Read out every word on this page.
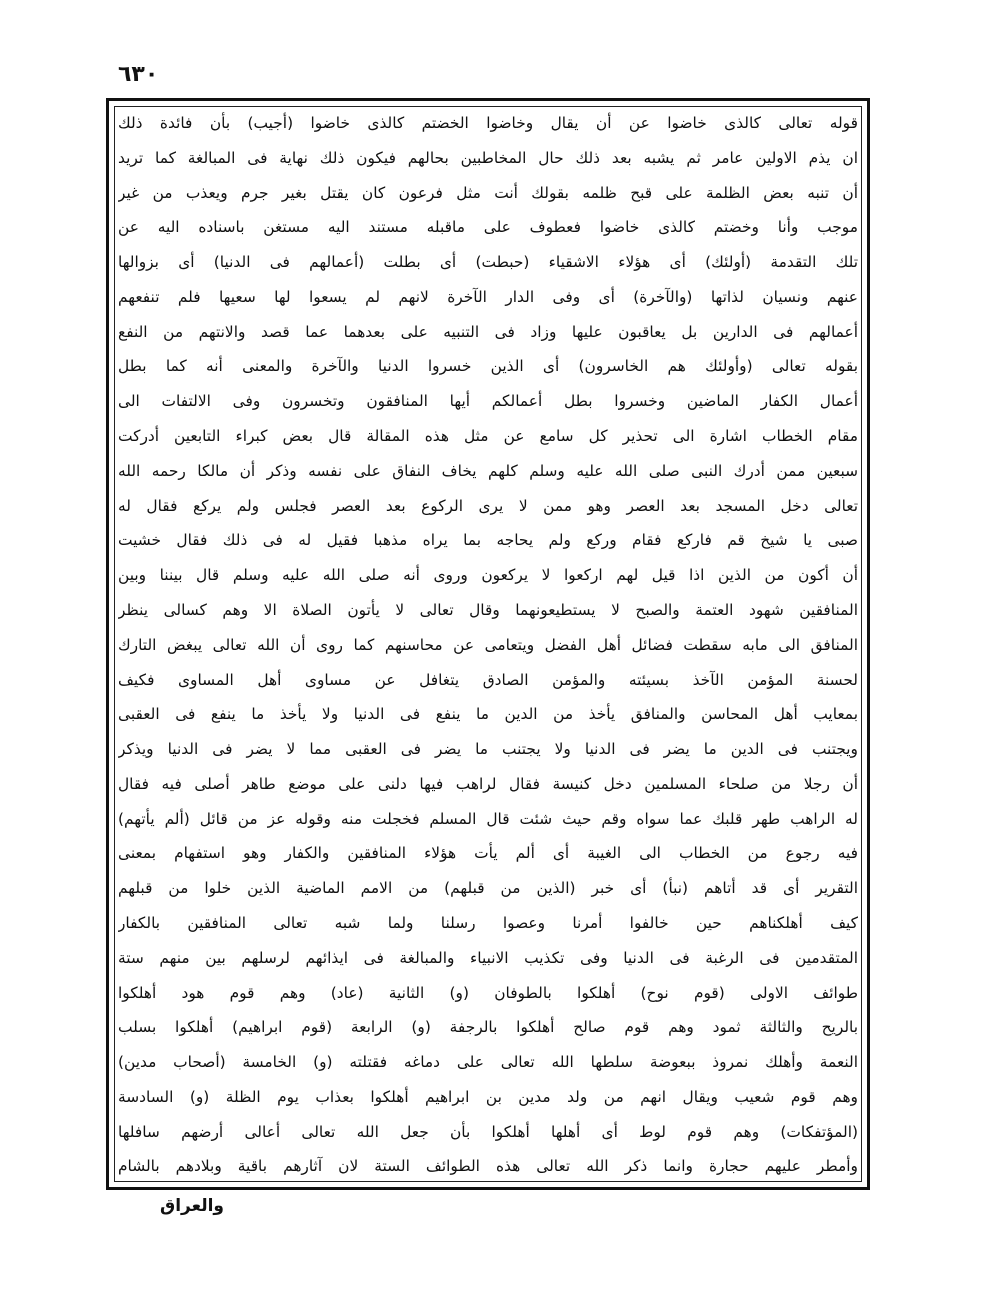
٦٣٠
قوله تعالى كالذى خاضوا عن أن يقال وخاضوا الخضتم كالذى خاضوا (أجيب) بأن فائدة ذلك
ان يذم الاولين عامر ثم يشبه بعد ذلك حال المخاطبين بحالهم فيكون ذلك نهاية فى المبالغة كما تريد
أن تنبه بعض الظلمة على قبح ظلمه بقولك أنت مثل فرعون كان يقتل بغير جرم ويعذب من غير
موجب وأنا وخضتم كالذى خاضوا فعطوف على ماقبله مستند اليه مستغن باسناده اليه عن
تلك التقدمة (أولئك) أى هؤلاء الاشقياء (حبطت) أى بطلت (أعمالهم فى الدنيا) أى بزوالها
عنهم ونسيان لذاتها (والآخرة) أى وفى الدار الآخرة لانهم لم يسعوا لها سعيها فلم تنفعهم
أعمالهم فى الدارين بل يعاقبون عليها وزاد فى التنبيه على بعدهما عما قصد والانتهم من النفع
بقوله تعالى (وأولئك هم الخاسرون) أى الذين خسروا الدنيا والآخرة والمعنى أنه كما بطل
أعمال الكفار الماضين وخسروا بطل أعمالكم أيها المنافقون وتخسرون وفى الالتفات الى
مقام الخطاب اشارة الى تحذير كل سامع عن مثل هذه المقالة قال بعض كبراء التابعين أدركت
سبعين ممن أدرك النبى صلى الله عليه وسلم كلهم يخاف النفاق على نفسه وذكر أن مالكا رحمه الله
تعالى دخل المسجد بعد العصر وهو ممن لا يرى الركوع بعد العصر فجلس ولم يركع فقال له
صبى يا شيخ قم فاركع فقام وركع ولم يحاجه بما يراه مذهبا فقيل له فى ذلك فقال خشيت
أن أكون من الذين اذا قيل لهم اركعوا لا يركعون وروى أنه صلى الله عليه وسلم قال بيننا وبين
المنافقين شهود العتمة والصبح لا يستطيعونهما وقال تعالى لا يأتون الصلاة الا وهم كسالى ينظر
المنافق الى مابه سقطت فضائل أهل الفضل ويتعامى عن محاسنهم كما روى أن الله تعالى يبغض التارك
لحسنة المؤمن الآخذ بسيئته والمؤمن الصادق يتغافل عن مساوى أهل المساوى فكيف
بمعايب أهل المحاسن والمنافق يأخذ من الدين ما ينفع فى الدنيا ولا يأخذ ما ينفع فى العقبى
ويجتنب فى الدين ما يضر فى الدنيا ولا يجتنب ما يضر فى العقبى مما لا يضر فى الدنيا ويذكر
أن رجلا من صلحاء المسلمين دخل كنيسة فقال لراهب فيها دلنى على موضع طاهر أصلى فيه فقال
له الراهب طهر قلبك عما سواه وقم حيث شئت قال المسلم فخجلت منه وقوله عز من قائل (ألم يأتهم)
فيه رجوع من الخطاب الى الغيبة أى ألم يأت هؤلاء المنافقين والكفار وهو استفهام بمعنى
التقرير أى قد أتاهم (نبأ) أى خبر (الذين من قبلهم) من الامم الماضية الذين خلوا من قبلهم
كيف أهلكناهم حين خالفوا أمرنا وعصوا رسلنا ولما شبه تعالى المنافقين بالكفار
المتقدمين فى الرغبة فى الدنيا وفى تكذيب الانبياء والمبالغة فى ايذائهم لرسلهم بين منهم ستة
طوائف الاولى (قوم نوح) أهلكوا بالطوفان (و) الثانية (عاد) وهم قوم هود أهلكوا
بالريح والثالثة ثمود وهم قوم صالح أهلكوا بالرجفة (و) الرابعة (قوم ابراهيم) أهلكوا بسلب
النعمة وأهلك نمروذ ببعوضة سلطها الله تعالى على دماغه فقتلته (و) الخامسة (أصحاب مدين)
وهم قوم شعيب ويقال انهم من ولد مدين بن ابراهيم أهلكوا بعذاب يوم الظلة (و) السادسة
(المؤتفكات) وهم قوم لوط أى أهلها أهلكوا بأن جعل الله تعالى أعالى أرضهم سافلها
وأمطر عليهم حجارة وانما ذكر الله تعالى هذه الطوائف الستة لان آثارهم باقية وبلادهم بالشام
والعراق
